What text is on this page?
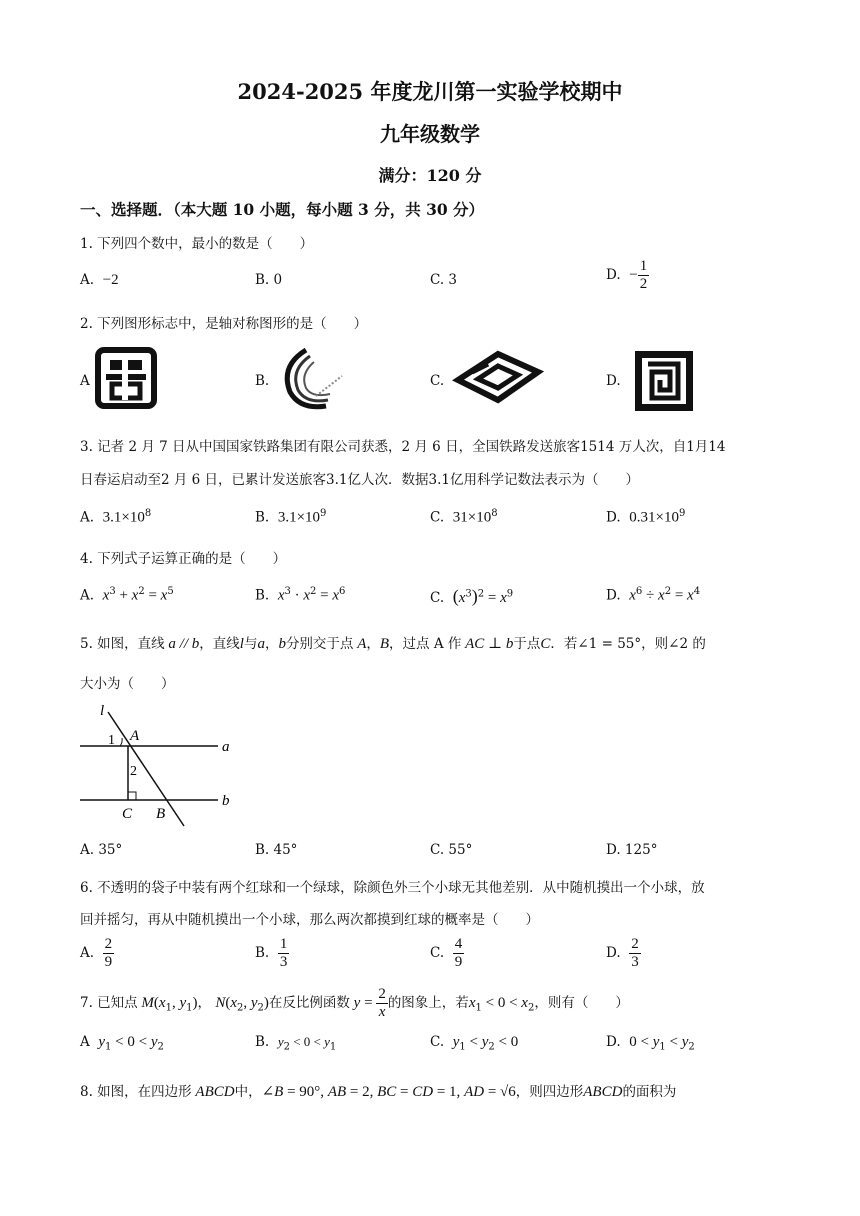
2024-2025 年度龙川第一实验学校期中
九年级数学
满分：120 分
一、选择题．（本大题 10 小题，每小题 3 分，共 30 分）
1. 下列四个数中，最小的数是（　　）
A. −2	B. 0	C. 3	D. − $\frac{1}{2}$
2. 下列图形标志中，是轴对称图形的是（　　）
A	B.	C.	D.
3. 记者 2 月 7 日从中国国家铁路集团有限公司获悉，2 月 6 日，全国铁路发送旅客1514 万人次，自1月14
日春运启动至2 月 6 日，已累计发送旅客3.1亿人次．数据3.1亿用科学记数法表示为（　　）
A. $3.1\times 10^8$	B. $3.1\times 10^9$	C. $31\times 10^8$	D. $0.31\times 10^9$
4. 下列式子运算正确的是（　　）
A. $x^3 + x^2 = x^5$	B. $x^3 \cdot x^2 = x^6$	C. $(x^3)^2 = x^9$	D. $x^6 \div x^2 = x^4$
5. 如图，直线 a // b，直线l与a，b分别交于点 A，B，过点 A 作 AC ⊥ b于点C．若∠1 = 55°，则∠2 的
大小为（　　）
l
1 A
a
2
C B
b
A. 35°	B. 45°	C. 55°	D. 125°
6. 不透明的袋子中装有两个红球和一个绿球，除颜色外三个小球无其他差别．从中随机摸出一个小球，放
回并摇匀，再从中随机摸出一个小球，那么两次都摸到红球的概率是（　　）
A. $\frac{2}{9}$	B. $\frac{1}{3}$	C. $\frac{4}{9}$	D. $\frac{2}{3}$
7. 已知点 $M(x_1$, $y_1$)， $N(x_2$, $y_2$)在反比例函数 $y = \frac{2}{x}$ 的图象上，若$x_1 < 0 < x_2$，则有（　　）
A $y_1 < 0 < y_2$	B. $y_2 < 0 < y_1$	C. $y_1 < y_2 < 0$	D. $0 < y_1 < y_2$
8. 如图，在四边形 ABCD中，∠B = 90°, AB = 2, BC = CD = 1, AD = √6，则四边形ABCD的面积为
